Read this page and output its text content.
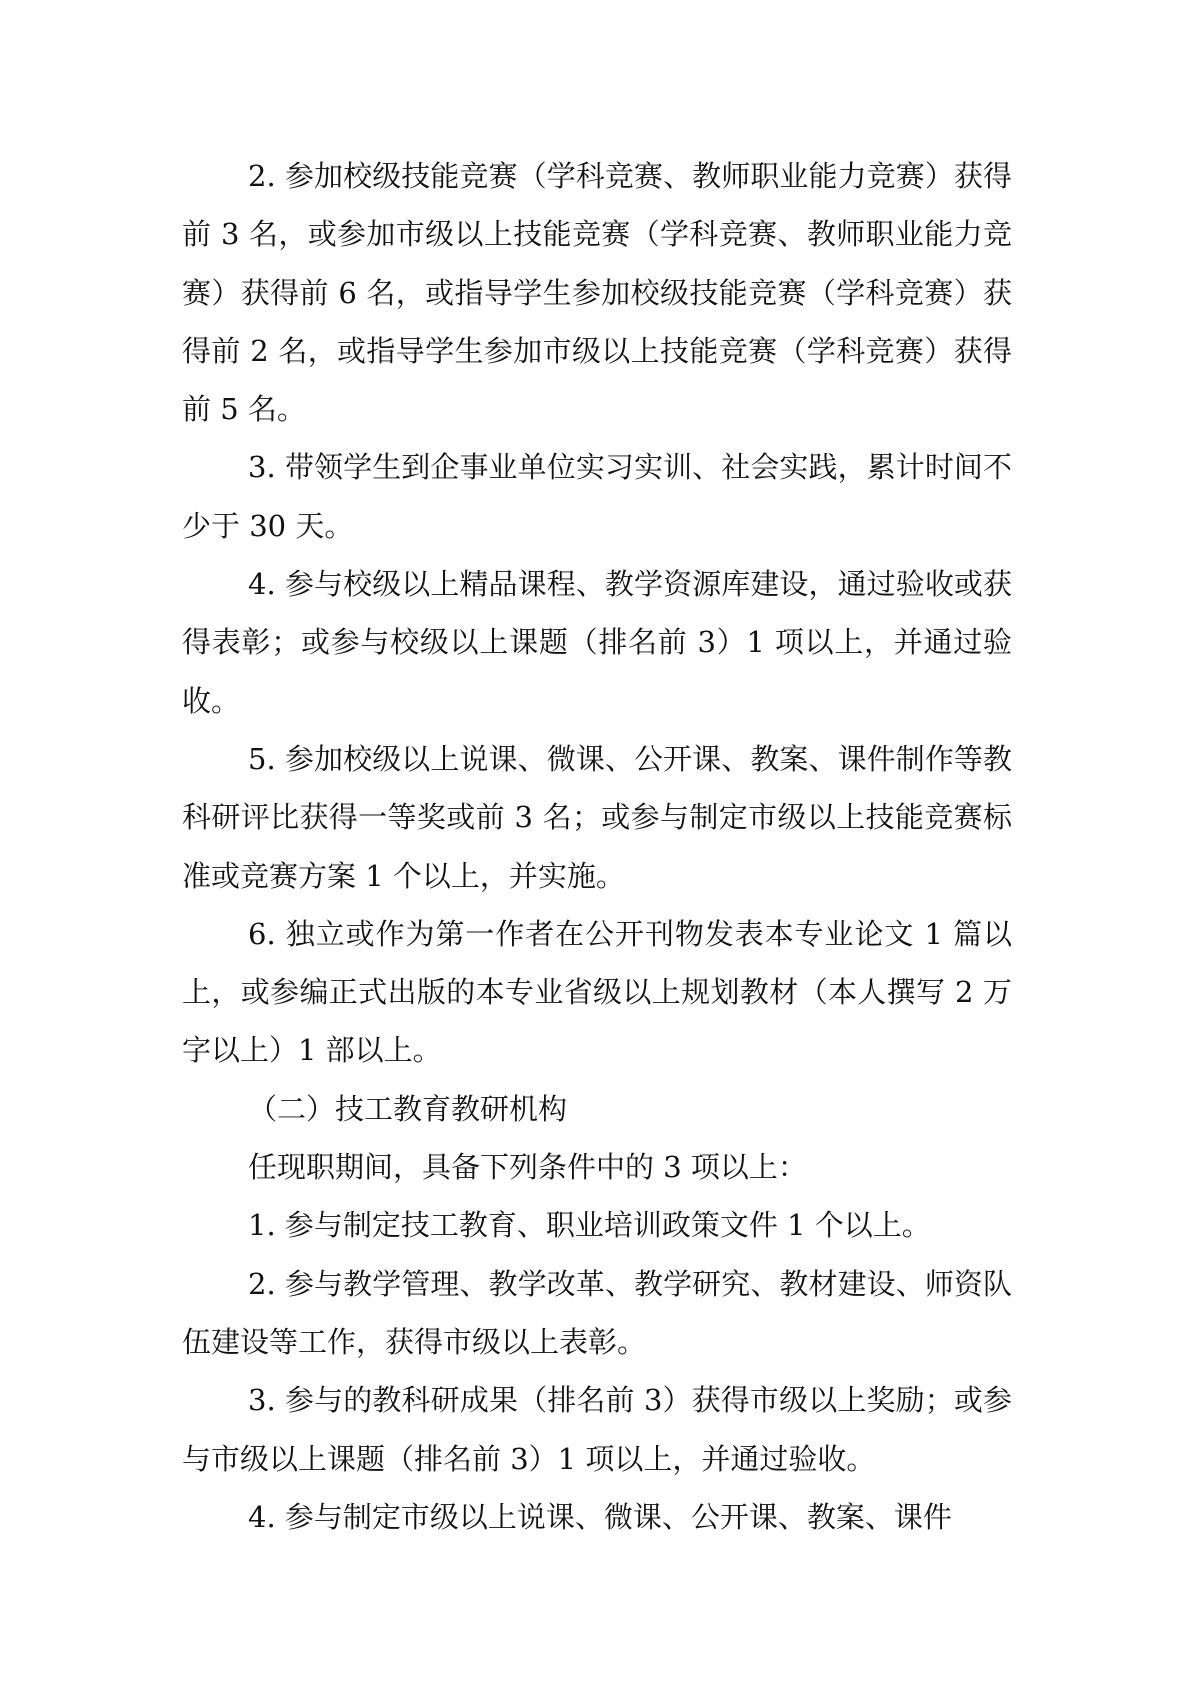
2. 参加校级技能竞赛（学科竞赛、教师职业能力竞赛）获得前 3 名，或参加市级以上技能竞赛（学科竞赛、教师职业能力竞赛）获得前 6 名，或指导学生参加校级技能竞赛（学科竞赛）获得前 2 名，或指导学生参加市级以上技能竞赛（学科竞赛）获得前 5 名。

3. 带领学生到企事业单位实习实训、社会实践，累计时间不少于 30 天。

4. 参与校级以上精品课程、教学资源库建设，通过验收或获得表彰；或参与校级以上课题（排名前 3）1 项以上，并通过验收。

5. 参加校级以上说课、微课、公开课、教案、课件制作等教科研评比获得一等奖或前 3 名；或参与制定市级以上技能竞赛标准或竞赛方案 1 个以上，并实施。

6. 独立或作为第一作者在公开刊物发表本专业论文 1 篇以上，或参编正式出版的本专业省级以上规划教材（本人撰写 2 万字以上）1 部以上。

（二）技工教育教研机构

任现职期间，具备下列条件中的 3 项以上：

1. 参与制定技工教育、职业培训政策文件 1 个以上。

2. 参与教学管理、教学改革、教学研究、教材建设、师资队伍建设等工作，获得市级以上表彰。

3. 参与的教科研成果（排名前 3）获得市级以上奖励；或参与市级以上课题（排名前 3）1 项以上，并通过验收。

4. 参与制定市级以上说课、微课、公开课、教案、课件
